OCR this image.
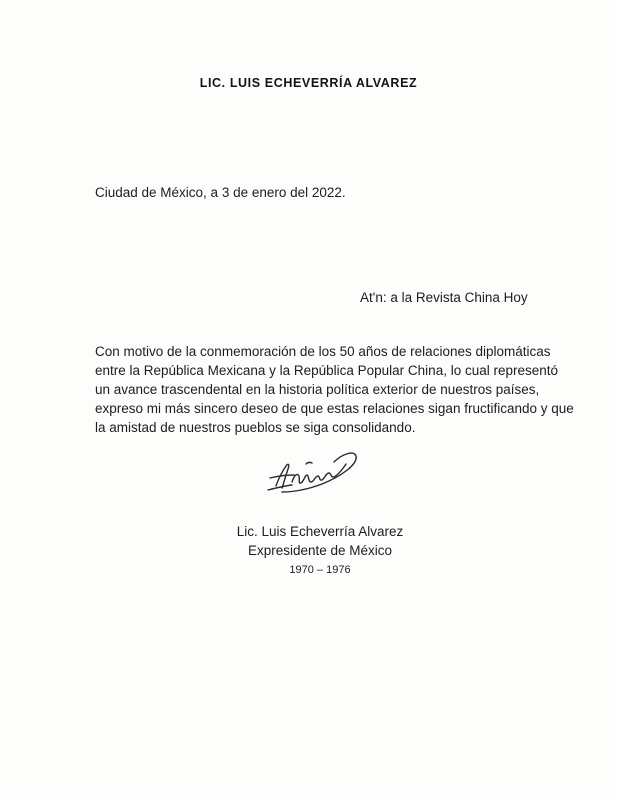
LIC. LUIS ECHEVERRÍA ALVAREZ
Ciudad de México, a 3 de enero del 2022.
At'n: a la Revista China Hoy
Con motivo de la conmemoración de los 50 años de relaciones diplomáticas
entre la República Mexicana y la República Popular China, lo cual representó
un avance trascendental en la historia política exterior de nuestros países,
expreso mi más sincero deseo de que estas relaciones sigan fructificando y que
la amistad de nuestros pueblos se siga consolidando.
Lic. Luis Echeverría Alvarez
Expresidente de México
1970 – 1976
